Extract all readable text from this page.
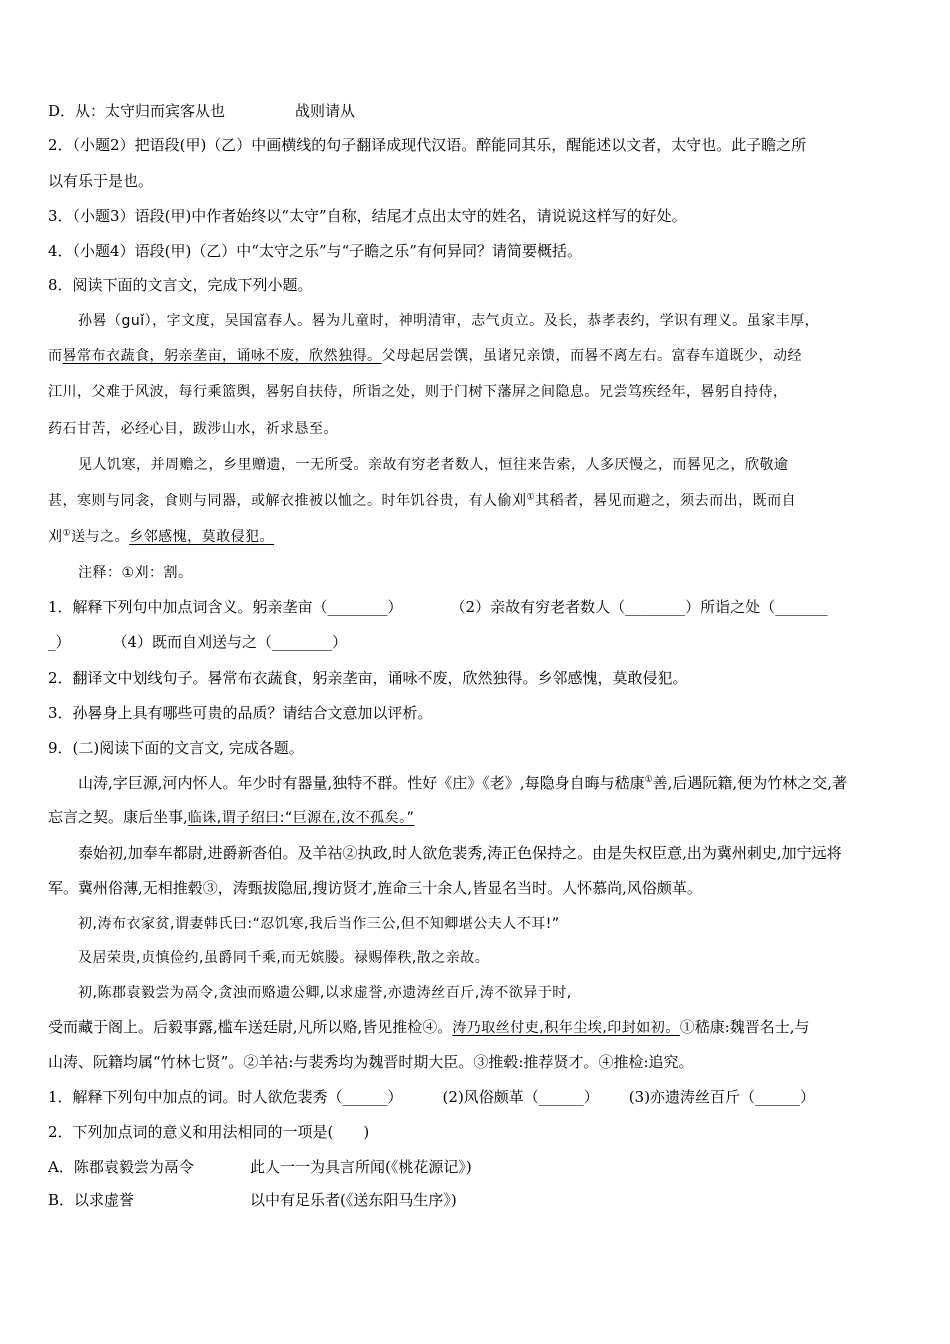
D．从：太守归而宾客从也	战则请从
2．（小题2）把语段(甲)（乙）中画横线的句子翻译成现代汉语。醉能同其乐，醒能述以文者，太守也。此子瞻之所
以有乐于是也。
3．（小题3）语段(甲)中作者始终以“太守”自称，结尾才点出太守的姓名，请说说这样写的好处。
4．（小题4）语段(甲)（乙）中“太守之乐”与“子瞻之乐”有何异同？请简要概括。
8．阅读下面的文言文，完成下列小题。
孙晷（guǐ），字文度，吴国富春人。晷为儿童时，神明清审，志气贞立。及长，恭孝表约，学识有理义。虽家丰厚，
而晷常布衣蔬食，躬亲垄亩，诵咏不废，欣然独得。父母起居尝馔，虽诸兄亲馈，而晷不离左右。富春车道既少，动经
江川，父难于风波，每行乘篮舆，晷躬自扶侍，所诣之处，则于门树下藩屏之间隐息。兄尝笃疾经年，晷躬自持侍，
药石甘苦，必经心目，跋涉山水，祈求恳至。
见人饥寒，并周赡之，乡里赠遗，一无所受。亲故有穷老者数人，恒往来告索，人多厌慢之，而晷见之，欣敬逾
甚，寒则与同衾，食则与同器，或解衣推被以恤之。时年饥谷贵，有人偷刈①其稻者，晷见而避之，须去而出，既而自
刈①送与之。乡邻感愧，莫敢侵犯。
注释：①刈：割。
1．解释下列句中加点词含义。躬亲垄亩（________）	（2）亲故有穷老者数人（________）所诣之处（_______
_）	（4）既而自刈送与之（________）
2．翻译文中划线句子。晷常布衣蔬食，躬亲垄亩，诵咏不废，欣然独得。乡邻感愧，莫敢侵犯。
3．孙晷身上具有哪些可贵的品质？请结合文意加以评析。
9．(二)阅读下面的文言文, 完成各题。
山涛,字巨源,河内怀人。年少时有器量,独特不群。性好《庄》《老》,每隐身自晦与嵇康①善,后遇阮籍,便为竹林之交,著
忘言之契。康后坐事,临诛,谓子绍曰:“巨源在,汝不孤矣。”
泰始初,加奉车都尉,进爵新沓伯。及羊祜②执政,时人欲危裴秀,涛正色保持之。由是失权臣意,出为冀州刺史,加宁远将
军。冀州俗薄,无相推毂③，涛甄拔隐屈,搜访贤才,旌命三十余人,皆显名当时。人怀慕尚,风俗颇革。
初,涛布衣家贫,谓妻韩氏曰:“忍饥寒,我后当作三公,但不知卿堪公夫人不耳!”
及居荣贵,贞慎俭约,虽爵同千乘,而无嫔媵。禄赐俸秩,散之亲故。
初,陈郡袁毅尝为鬲令,贪浊而赂遗公卿,以求虚誉,亦遗涛丝百斤,涛不欲异于时,
受而藏于阁上。后毅事露,槛车送廷尉,凡所以赂,皆见推检④。涛乃取丝付吏,积年尘埃,印封如初。①嵇康:魏晋名士,与
山涛、阮籍均属“竹林七贤”。②羊祜:与裴秀均为魏晋时期大臣。③推毂:推荐贤才。④推检:追究。
1．解释下列句中加点的词。时人欲危裴秀（______）	(2)风俗颇革（______） (3)亦遗涛丝百斤（______）
2．下列加点词的意义和用法相同的一项是(　　)
A．陈郡袁毅尝为鬲令	此人一一为具言所闻(《桃花源记》)
B．以求虚誉	以中有足乐者(《送东阳马生序》)
